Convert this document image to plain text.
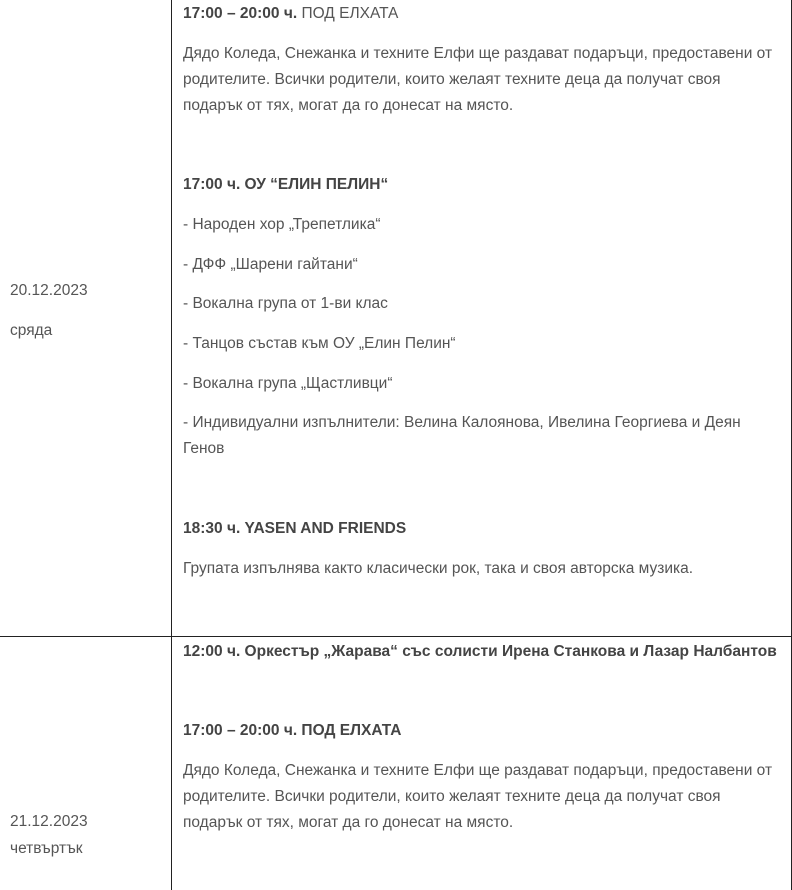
20.12.2023

сряда

17:00 – 20:00 ч. ПОД ЕЛХАТА

Дядо Коледа, Снежанка и техните Елфи ще раздават подаръци, предоставени от родителите. Всички родители, които желаят техните деца да получат своя подарък от тях, могат да го донесат на място.

17:00 ч. ОУ “ЕЛИН ПЕЛИН“

- Народен хор „Трепетлика“

- ДФФ „Шарени гайтани“

- Вокална група от 1-ви клас

- Танцов състав към ОУ „Елин Пелин“

- Вокална група „Щастливци“

- Индивидуални изпълнители: Велина Калоянова, Ивелина Георгиева и Деян Генов

18:30 ч. YASEN AND FRIENDS

Групата изпълнява както класически рок, така и своя авторска музика.

21.12.2023

четвъртък

12:00 ч. Оркестър „Жарава“ със солисти Ирена Станкова и Лазар Налбантов

17:00 – 20:00 ч. ПОД ЕЛХАТА

Дядо Коледа, Снежанка и техните Елфи ще раздават подаръци, предоставени от родителите. Всички родители, които желаят техните деца да получат своя подарък от тях, могат да го донесат на място.
